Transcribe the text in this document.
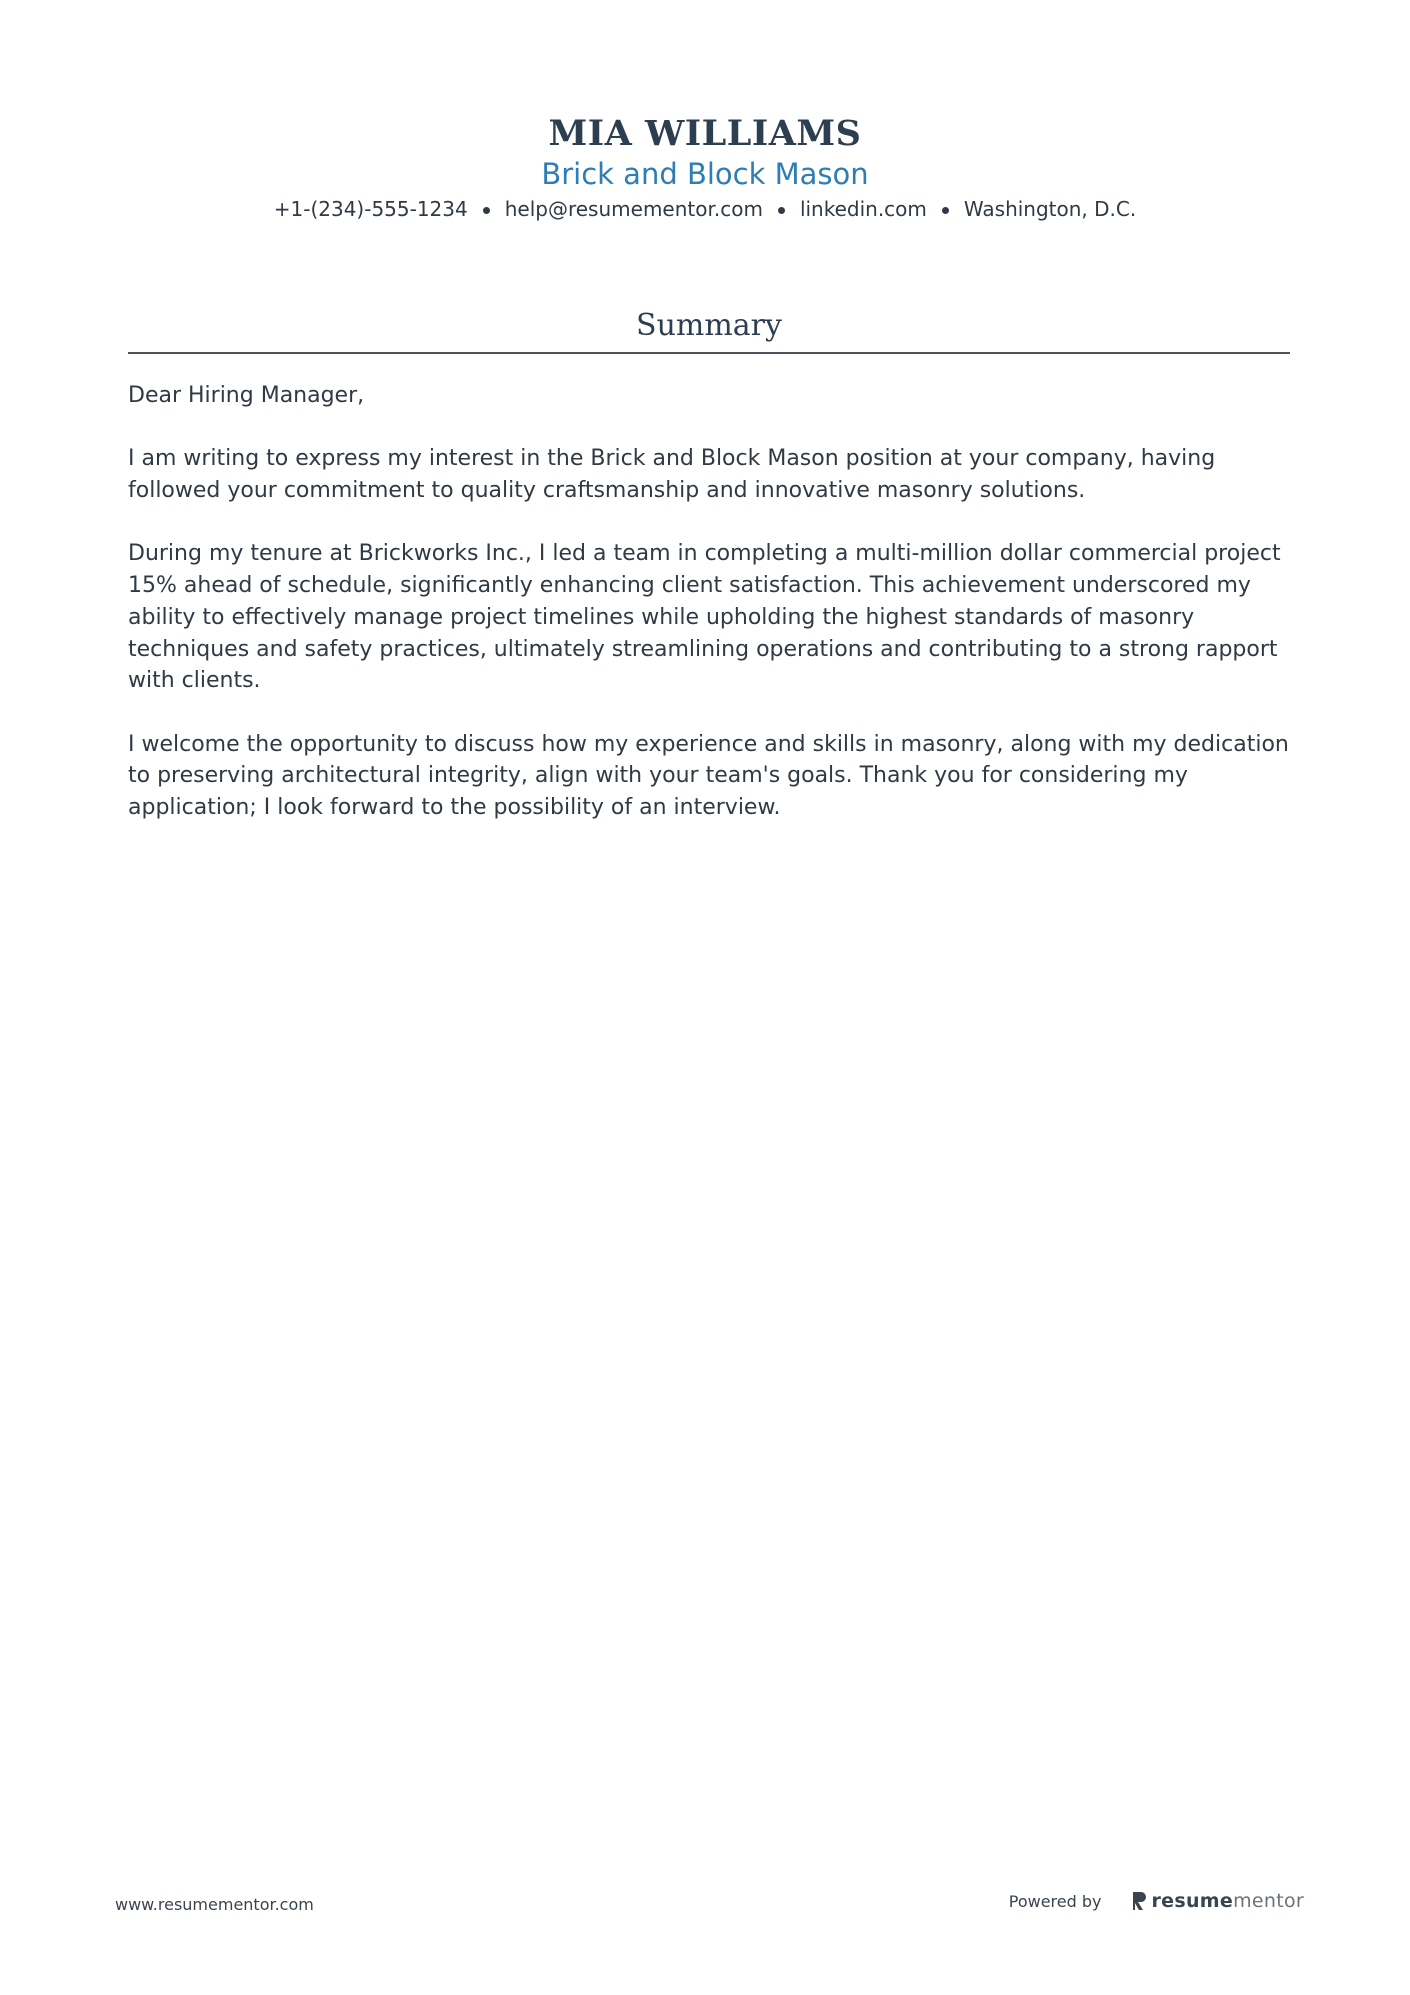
MIA WILLIAMS
Brick and Block Mason
+1-(234)-555-1234 help@resumementor.com linkedin.com Washington, D.C.
Summary

Dear Hiring Manager,

I am writing to express my interest in the Brick and Block Mason position at your company, having followed your commitment to quality craftsmanship and innovative masonry solutions.

During my tenure at Brickworks Inc., I led a team in completing a multi-million dollar commercial project 15% ahead of schedule, significantly enhancing client satisfaction. This achievement underscored my ability to effectively manage project timelines while upholding the highest standards of masonry techniques and safety practices, ultimately streamlining operations and contributing to a strong rapport with clients.

I welcome the opportunity to discuss how my experience and skills in masonry, along with my dedication to preserving architectural integrity, align with your team's goals. Thank you for considering my application; I look forward to the possibility of an interview.

www.resumementor.com	Powered by	resume mentor
